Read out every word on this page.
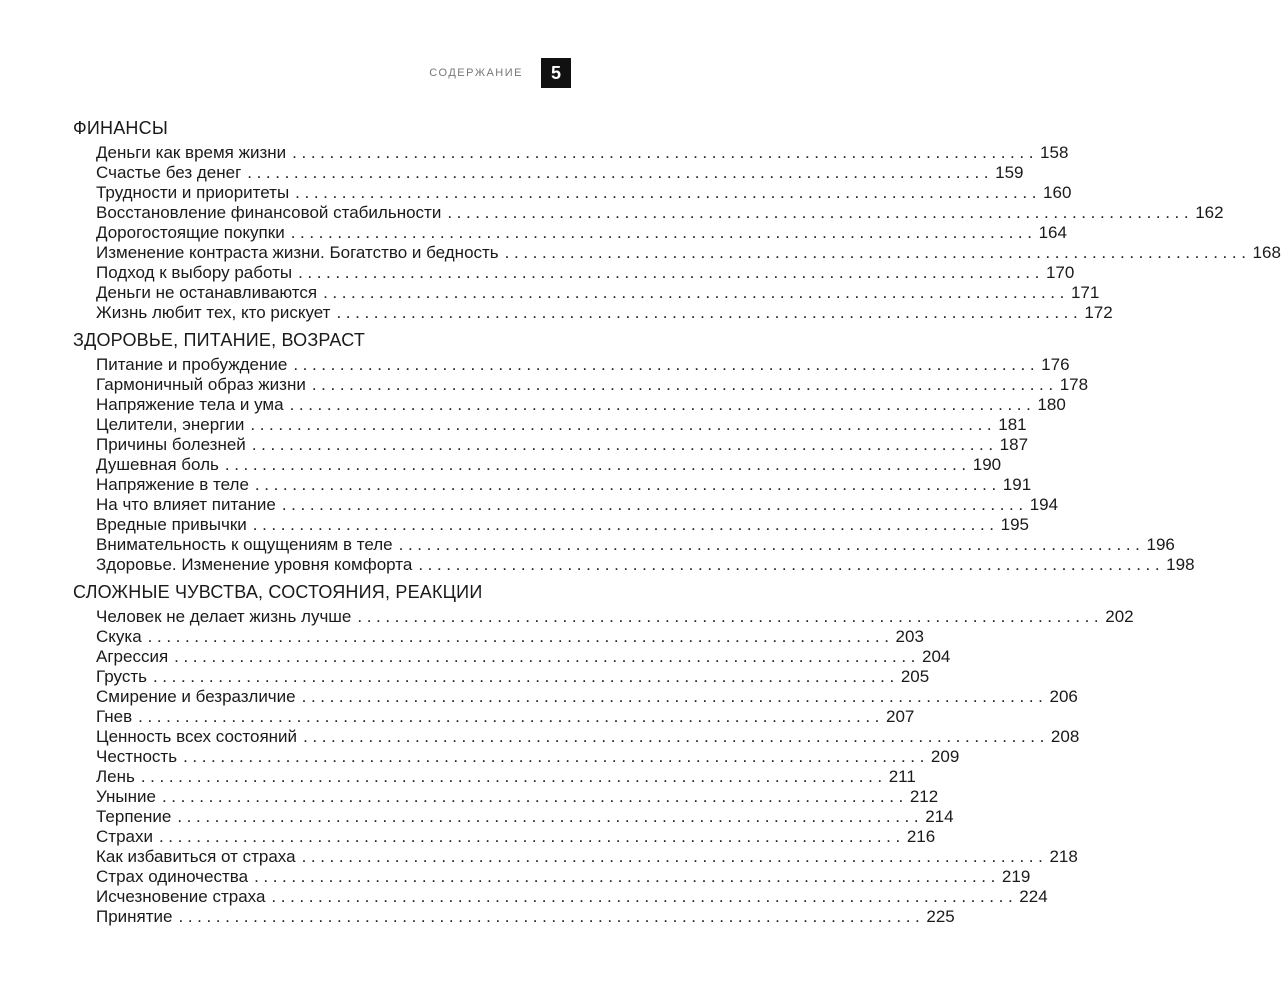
СОДЕРЖАНИЕ	5
ФИНАНСЫ
Деньги как время жизни ................................................................................ 158
Счастье без денег ................................................................................ 159
Трудности и приоритеты ................................................................................ 160
Восстановление финансовой стабильности ................................................................................ 162
Дорогостоящие покупки ................................................................................ 164
Изменение контраста жизни. Богатство и бедность ................................................................................ 168
Подход к выбору работы ................................................................................ 170
Деньги не останавливаются ................................................................................ 171
Жизнь любит тех, кто рискует ................................................................................ 172
ЗДОРОВЬЕ, ПИТАНИЕ, ВОЗРАСТ
Питание и пробуждение ................................................................................ 176
Гармоничный образ жизни ................................................................................ 178
Напряжение тела и ума ................................................................................ 180
Целители, энергии ................................................................................ 181
Причины болезней ................................................................................ 187
Душевная боль ................................................................................ 190
Напряжение в теле ................................................................................ 191
На что влияет питание ................................................................................ 194
Вредные привычки ................................................................................ 195
Внимательность к ощущениям в теле ................................................................................ 196
Здоровье. Изменение уровня комфорта ................................................................................ 198
СЛОЖНЫЕ ЧУВСТВА, СОСТОЯНИЯ, РЕАКЦИИ
Человек не делает жизнь лучше ................................................................................ 202
Скука ................................................................................ 203
Агрессия ................................................................................ 204
Грусть ................................................................................ 205
Смирение и безразличие ................................................................................ 206
Гнев ................................................................................ 207
Ценность всех состояний ................................................................................ 208
Честность ................................................................................ 209
Лень ................................................................................ 211
Уныние ................................................................................ 212
Терпение ................................................................................ 214
Страхи ................................................................................ 216
Как избавиться от страха ................................................................................ 218
Страх одиночества ................................................................................ 219
Исчезновение страха ................................................................................ 224
Принятие ................................................................................ 225
